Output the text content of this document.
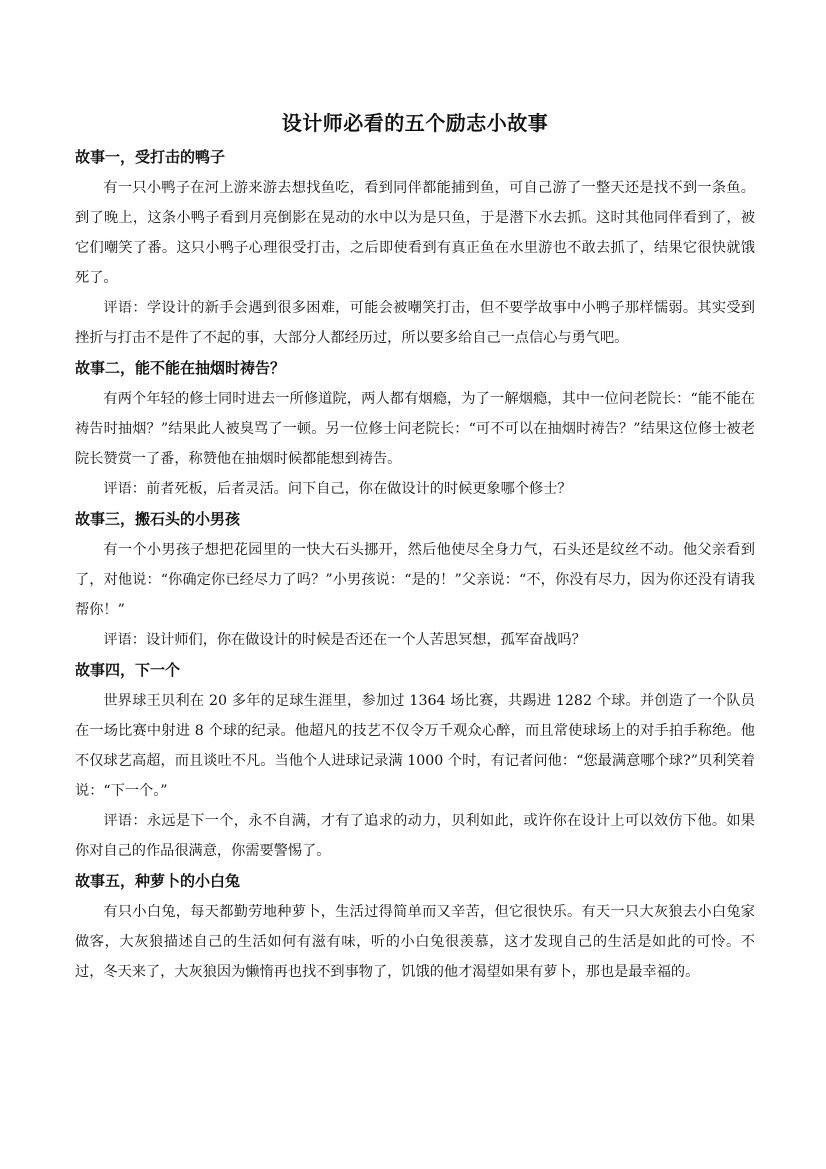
设计师必看的五个励志小故事
故事一，受打击的鸭子

有一只小鸭子在河上游来游去想找鱼吃，看到同伴都能捕到鱼，可自己游了一整天还是找不到一条鱼。到了晚上，这条小鸭子看到月亮倒影在晃动的水中以为是只鱼，于是潜下水去抓。这时其他同伴看到了，被它们嘲笑了番。这只小鸭子心理很受打击，之后即使看到有真正鱼在水里游也不敢去抓了，结果它很快就饿死了。

评语：学设计的新手会遇到很多困难，可能会被嘲笑打击，但不要学故事中小鸭子那样懦弱。其实受到挫折与打击不是件了不起的事，大部分人都经历过，所以要多给自己一点信心与勇气吧。

故事二，能不能在抽烟时祷告？

有两个年轻的修士同时进去一所修道院，两人都有烟瘾，为了一解烟瘾，其中一位问老院长：“能不能在祷告时抽烟？”结果此人被臭骂了一顿。另一位修士问老院长：“可不可以在抽烟时祷告？”结果这位修士被老院长赞赏一了番，称赞他在抽烟时候都能想到祷告。

评语：前者死板，后者灵活。问下自己，你在做设计的时候更象哪个修士？

故事三，搬石头的小男孩

有一个小男孩子想把花园里的一快大石头挪开，然后他使尽全身力气，石头还是纹丝不动。他父亲看到了，对他说：“你确定你已经尽力了吗？”小男孩说：“是的！”父亲说：“不，你没有尽力，因为你还没有请我帮你！”

评语：设计师们，你在做设计的时候是否还在一个人苦思冥想，孤军奋战吗？

故事四，下一个

世界球王贝利在 20 多年的足球生涯里，参加过 1364 场比赛，共踢进 1282 个球。并创造了一个队员在一场比赛中射进 8 个球的纪录。他超凡的技艺不仅令万千观众心醉，而且常使球场上的对手拍手称绝。他不仅球艺高超，而且谈吐不凡。当他个人进球记录满 1000 个时，有记者问他：“您最满意哪个球?”贝利笑着说：“下一个。”

评语：永远是下一个，永不自满，才有了追求的动力，贝利如此，或许你在设计上可以效仿下他。如果你对自己的作品很满意，你需要警惕了。

故事五，种萝卜的小白兔

有只小白兔，每天都勤劳地种萝卜，生活过得简单而又辛苦，但它很快乐。有天一只大灰狼去小白兔家做客，大灰狼描述自己的生活如何有滋有味，听的小白兔很羡慕，这才发现自己的生活是如此的可怜。不过，冬天来了，大灰狼因为懒惰再也找不到事物了，饥饿的他才渴望如果有萝卜，那也是最幸福的。
